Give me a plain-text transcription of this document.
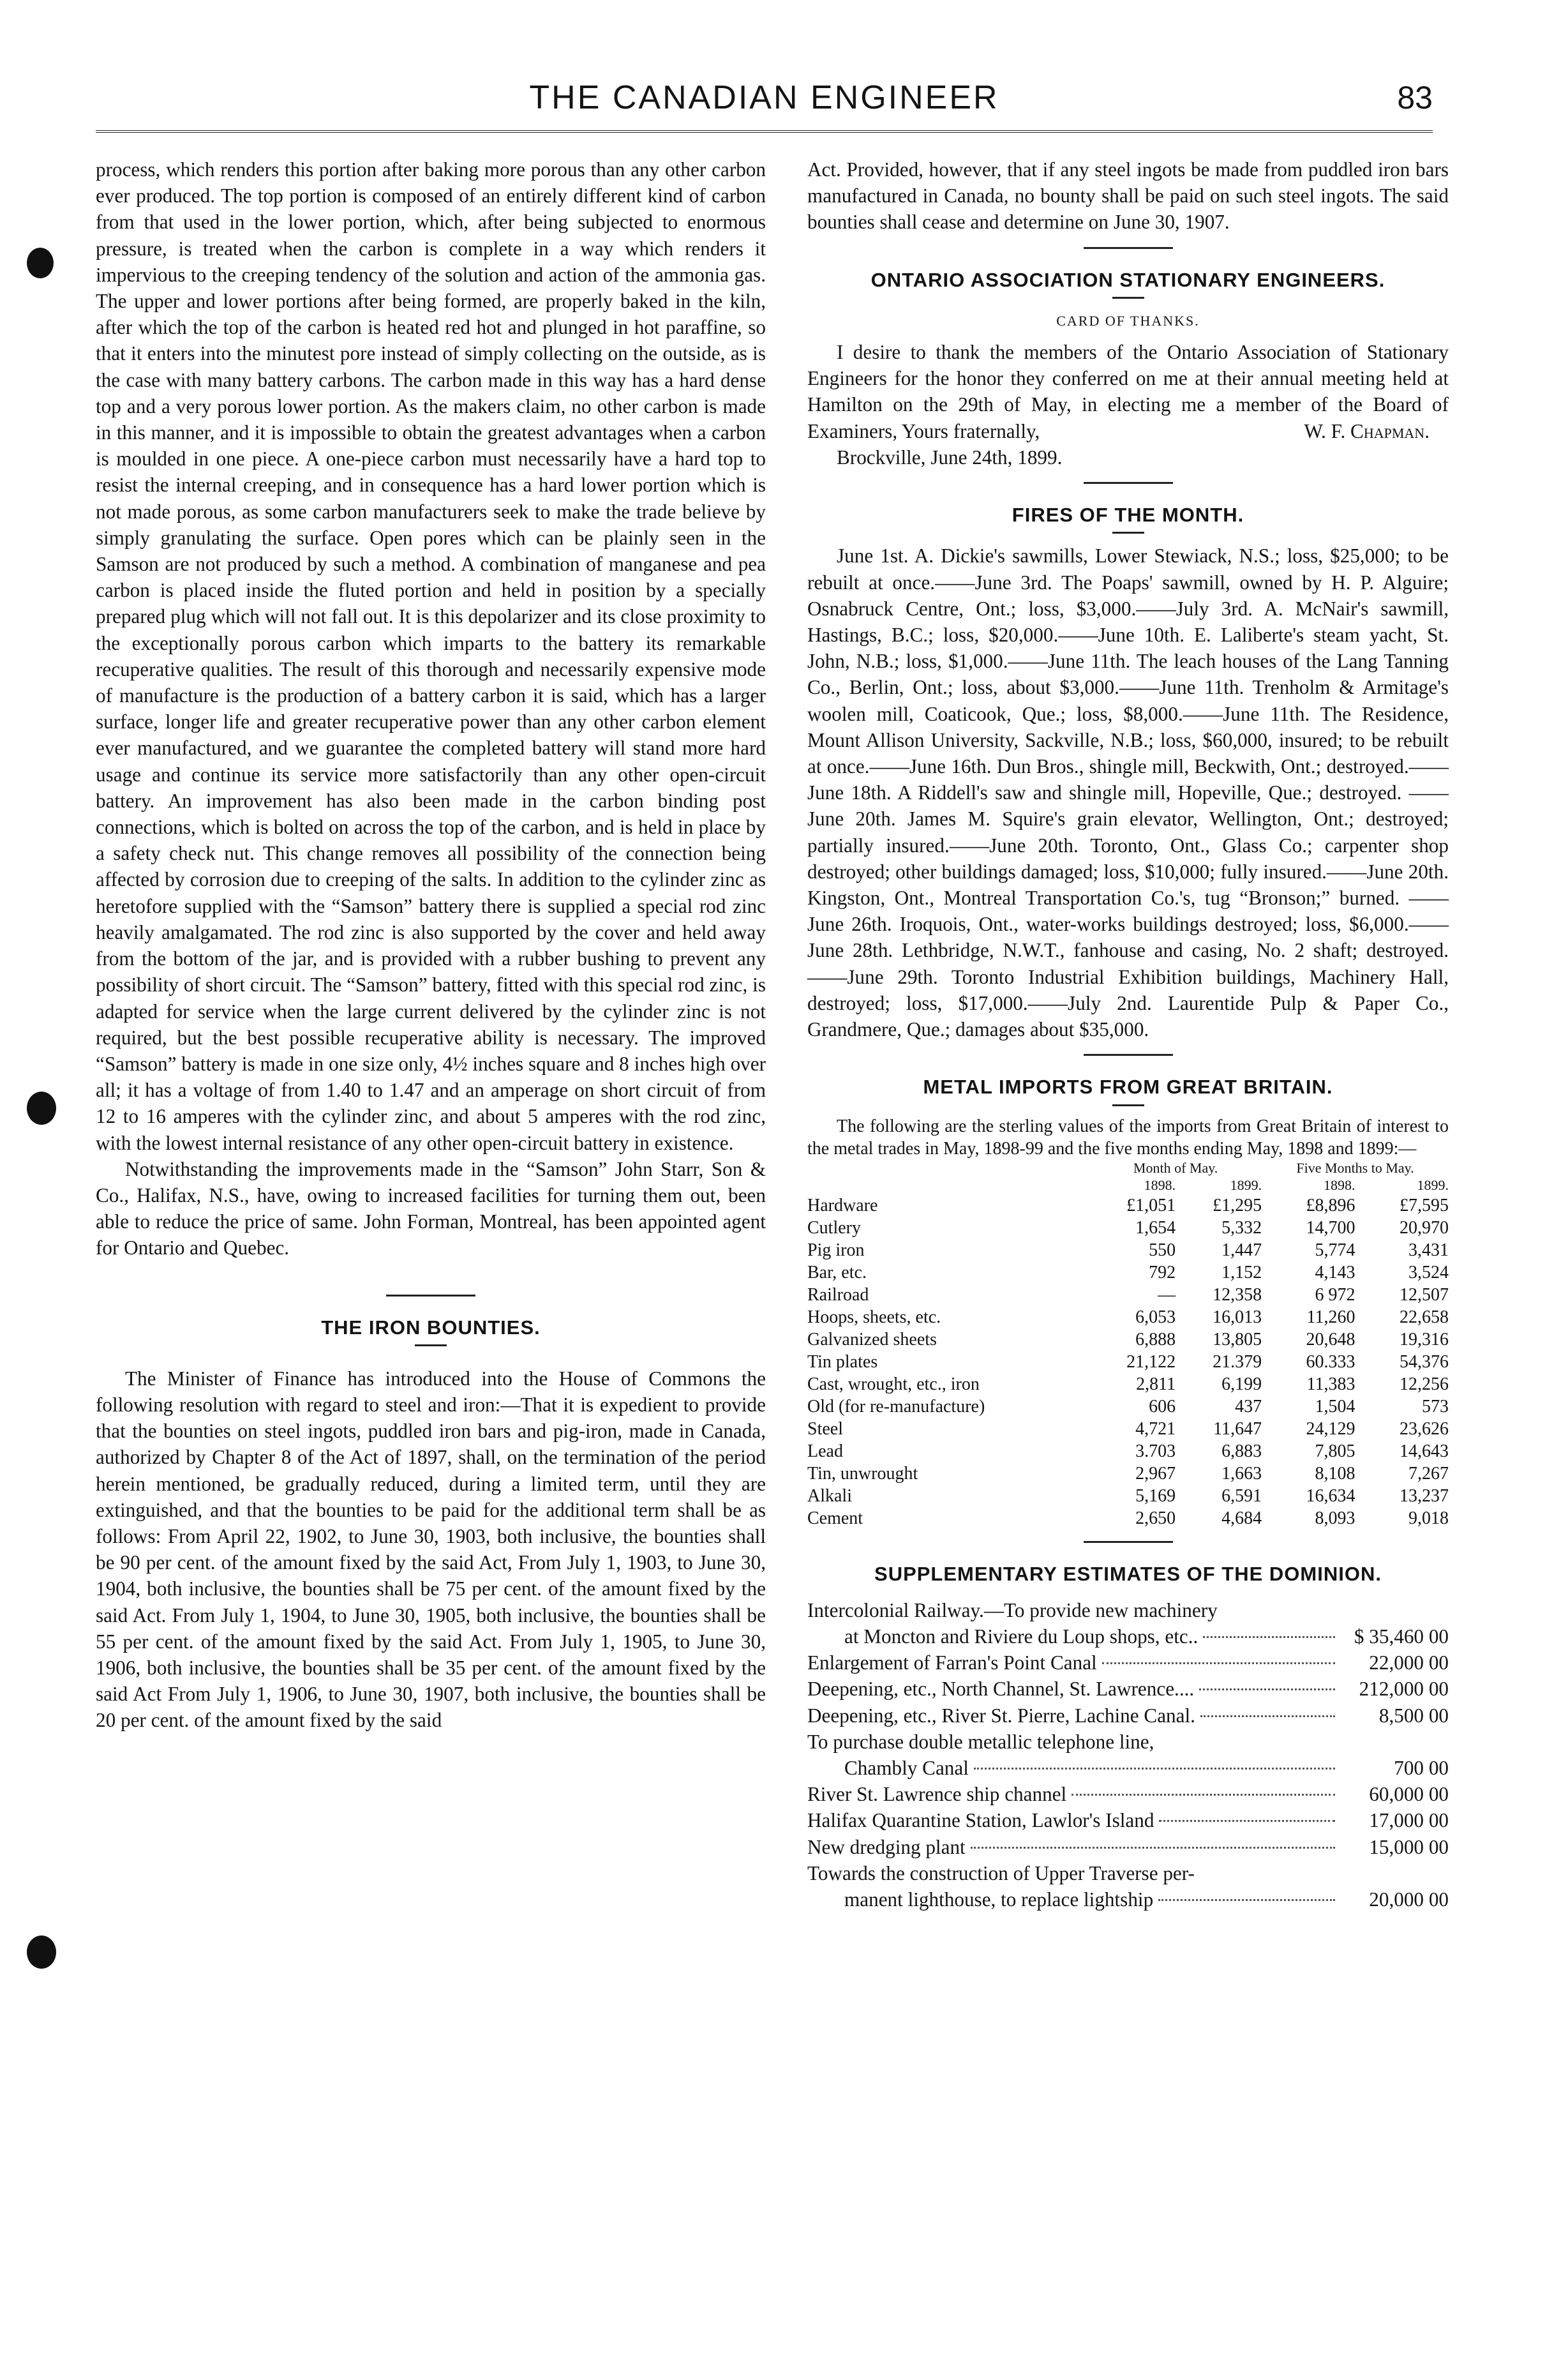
THE CANADIAN ENGINEER	83

process, which renders this portion after baking more porous than any other carbon ever produced. The top portion is composed of an entirely different kind of carbon from that used in the lower portion, which, after being subjected to enormous pressure, is treated when the carbon is complete in a way which renders it impervious to the creeping tendency of the solution and action of the ammonia gas. The upper and lower portions after being formed, are properly baked in the kiln, after which the top of the carbon is heated red hot and plunged in hot paraffine, so that it enters into the minutest pore instead of simply collecting on the outside, as is the case with many battery carbons. The carbon made in this way has a hard dense top and a very porous lower portion. As the makers claim, no other carbon is made in this manner, and it is impossible to obtain the greatest advantages when a carbon is moulded in one piece. A one-piece carbon must necessarily have a hard top to resist the internal creeping, and in consequence has a hard lower portion which is not made porous, as some carbon manufacturers seek to make the trade believe by simply granulating the surface. Open pores which can be plainly seen in the Samson are not produced by such a method. A combination of manganese and pea carbon is placed inside the fluted portion and held in position by a specially prepared plug which will not fall out. It is this depolarizer and its close proximity to the exceptionally porous carbon which imparts to the battery its remarkable recuperative qualities. The result of this thorough and necessarily expensive mode of manufacture is the production of a battery carbon it is said, which has a larger surface, longer life and greater recuperative power than any other carbon element ever manufactured, and we guarantee the completed battery will stand more hard usage and continue its service more satisfactorily than any other open-circuit battery. An improvement has also been made in the carbon binding post connections, which is bolted on across the top of the carbon, and is held in place by a safety check nut. This change removes all possibility of the connection being affected by corrosion due to creeping of the salts. In addition to the cylinder zinc as heretofore supplied with the “Samson” battery there is supplied a special rod zinc heavily amalgamated. The rod zinc is also supported by the cover and held away from the bottom of the jar, and is provided with a rubber bushing to prevent any possibility of short circuit. The “Samson” battery, fitted with this special rod zinc, is adapted for service when the large current delivered by the cylinder zinc is not required, but the best possible recuperative ability is necessary. The improved “Samson” battery is made in one size only, 4½ inches square and 8 inches high over all; it has a voltage of from 1.40 to 1.47 and an amperage on short circuit of from 12 to 16 amperes with the cylinder zinc, and about 5 amperes with the rod zinc, with the lowest internal resistance of any other open-circuit battery in existence.

Notwithstanding the improvements made in the “Samson” John Starr, Son & Co., Halifax, N.S., have, owing to increased facilities for turning them out, been able to reduce the price of same. John Forman, Montreal, has been appointed agent for Ontario and Quebec.

THE IRON BOUNTIES.

The Minister of Finance has introduced into the House of Commons the following resolution with regard to steel and iron:—That it is expedient to provide that the bounties on steel ingots, puddled iron bars and pig-iron, made in Canada, authorized by Chapter 8 of the Act of 1897, shall, on the termination of the period herein mentioned, be gradually reduced, during a limited term, until they are extinguished, and that the bounties to be paid for the additional term shall be as follows: From April 22, 1902, to June 30, 1903, both inclusive, the bounties shall be 90 per cent. of the amount fixed by the said Act, From July 1, 1903, to June 30, 1904, both inclusive, the bounties shall be 75 per cent. of the amount fixed by the said Act. From July 1, 1904, to June 30, 1905, both inclusive, the bounties shall be 55 per cent. of the amount fixed by the said Act. From July 1, 1905, to June 30, 1906, both inclusive, the bounties shall be 35 per cent. of the amount fixed by the said Act From July 1, 1906, to June 30, 1907, both inclusive, the bounties shall be 20 per cent. of the amount fixed by the said

Act. Provided, however, that if any steel ingots be made from puddled iron bars manufactured in Canada, no bounty shall be paid on such steel ingots. The said bounties shall cease and determine on June 30, 1907.

ONTARIO ASSOCIATION STATIONARY ENGINEERS.
CARD OF THANKS.

I desire to thank the members of the Ontario Association of Stationary Engineers for the honor they conferred on me at their annual meeting held at Hamilton on the 29th of May, in electing me a member of the Board of Examiners, Yours fraternally,	W. F. Chapman.

Brockville, June 24th, 1899.

FIRES OF THE MONTH.

June 1st. A. Dickie's sawmills, Lower Stewiack, N.S.; loss, $25,000; to be rebuilt at once.——June 3rd. The Poaps' sawmill, owned by H. P. Alguire; Osnabruck Centre, Ont.; loss, $3,000.——July 3rd. A. McNair's sawmill, Hastings, B.C.; loss, $20,000.——June 10th. E. Laliberte's steam yacht, St. John, N.B.; loss, $1,000.——June 11th. The leach houses of the Lang Tanning Co., Berlin, Ont.; loss, about $3,000.——June 11th. Trenholm & Armitage's woolen mill, Coaticook, Que.; loss, $8,000.——June 11th. The Residence, Mount Allison University, Sackville, N.B.; loss, $60,000, insured; to be rebuilt at once.——June 16th. Dun Bros., shingle mill, Beckwith, Ont.; destroyed.——June 18th. A Riddell's saw and shingle mill, Hopeville, Que.; destroyed. ——June 20th. James M. Squire's grain elevator, Wellington, Ont.; destroyed; partially insured.——June 20th. Toronto, Ont., Glass Co.; carpenter shop destroyed; other buildings damaged; loss, $10,000; fully insured.——June 20th. Kingston, Ont., Montreal Transportation Co.'s, tug “Bronson;” burned. ——June 26th. Iroquois, Ont., water-works buildings destroyed; loss, $6,000.——June 28th. Lethbridge, N.W.T., fanhouse and casing, No. 2 shaft; destroyed.——June 29th. Toronto Industrial Exhibition buildings, Machinery Hall, destroyed; loss, $17,000.——July 2nd. Laurentide Pulp & Paper Co., Grandmere, Que.; damages about $35,000.

METAL IMPORTS FROM GREAT BRITAIN.

The following are the sterling values of the imports from Great Britain of interest to the metal trades in May, 1898-99 and the five months ending May, 1898 and 1899:—

	Month of May.		Five Months to May.	
	1898.	1899.	1898.	1899.
Hardware	£1,051	£1,295	£8,896	£7,595
Cutlery	1,654	5,332	14,700	20,970
Pig iron	550	1,447	5,774	3,431
Bar, etc.	792	1,152	4,143	3,524
Railroad	—	12,358	6 972	12,507
Hoops, sheets, etc.	6,053	16,013	11,260	22,658
Galvanized sheets	6,888	13,805	20,648	19,316
Tin plates	21,122	21.379	60.333	54,376
Cast, wrought, etc., iron	2,811	6,199	11,383	12,256
Old (for re-manufacture)	606	437	1,504	573
Steel	4,721	11,647	24,129	23,626
Lead	3.703	6,883	7,805	14,643
Tin, unwrought	2,967	1,663	8,108	7,267
Alkali	5,169	6,591	16,634	13,237
Cement	2,650	4,684	8,093	9,018
SUPPLEMENTARY ESTIMATES OF THE DOMINION.
Intercolonial Railway.—To provide new machinery
at Moncton and Riviere du Loup shops, etc..	$ 35,460 00
Enlargement of Farran's Point Canal	22,000 00
Deepening, etc., North Channel, St. Lawrence....	212,000 00
Deepening, etc., River St. Pierre, Lachine Canal.	8,500 00
To purchase double metallic telephone line,
Chambly Canal	700 00
River St. Lawrence ship channel	60,000 00
Halifax Quarantine Station, Lawlor's Island	17,000 00
New dredging plant	15,000 00
Towards the construction of Upper Traverse per-
manent lighthouse, to replace lightship	20,000 00
